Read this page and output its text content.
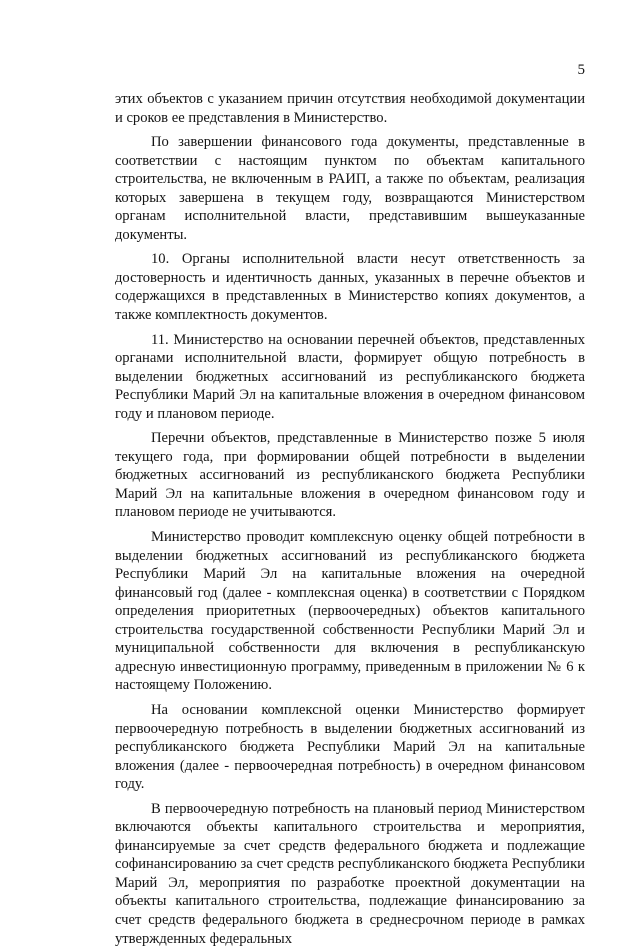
5

этих объектов с указанием причин отсутствия необходимой документации и сроков ее представления в Министерство.

По завершении финансового года документы, представленные в соответствии с настоящим пунктом по объектам капитального строительства, не включенным в РАИП, а также по объектам, реализация которых завершена в текущем году, возвращаются Министерством органам исполнительной власти, представившим вышеуказанные документы.

10. Органы исполнительной власти несут ответственность за достоверность и идентичность данных, указанных в перечне объектов и содержащихся в представленных в Министерство копиях документов, а также комплектность документов.

11. Министерство на основании перечней объектов, представленных органами исполнительной власти, формирует общую потребность в выделении бюджетных ассигнований из республиканского бюджета Республики Марий Эл на капитальные вложения в очередном финансовом году и плановом периоде.

Перечни объектов, представленные в Министерство позже 5 июля текущего года, при формировании общей потребности в выделении бюджетных ассигнований из республиканского бюджета Республики Марий Эл на капитальные вложения в очередном финансовом году и плановом периоде не учитываются.

Министерство проводит комплексную оценку общей потребности в выделении бюджетных ассигнований из республиканского бюджета Республики Марий Эл на капитальные вложения на очередной финансовый год (далее - комплексная оценка) в соответствии с Порядком определения приоритетных (первоочередных) объектов капитального строительства государственной собственности Республики Марий Эл и муниципальной собственности для включения в республиканскую адресную инвестиционную программу, приведенным в приложении № 6 к настоящему Положению.

На основании комплексной оценки Министерство формирует первоочередную потребность в выделении бюджетных ассигнований из республиканского бюджета Республики Марий Эл на капитальные вложения (далее - первоочередная потребность) в очередном финансовом году.

В первоочередную потребность на плановый период Министерством включаются объекты капитального строительства и мероприятия, финансируемые за счет средств федерального бюджета и подлежащие софинансированию за счет средств республиканского бюджета Республики Марий Эл, мероприятия по разработке проектной документации на объекты капитального строительства, подлежащие финансированию за счет средств федерального бюджета в среднесрочном периоде в рамках утвержденных федеральных
